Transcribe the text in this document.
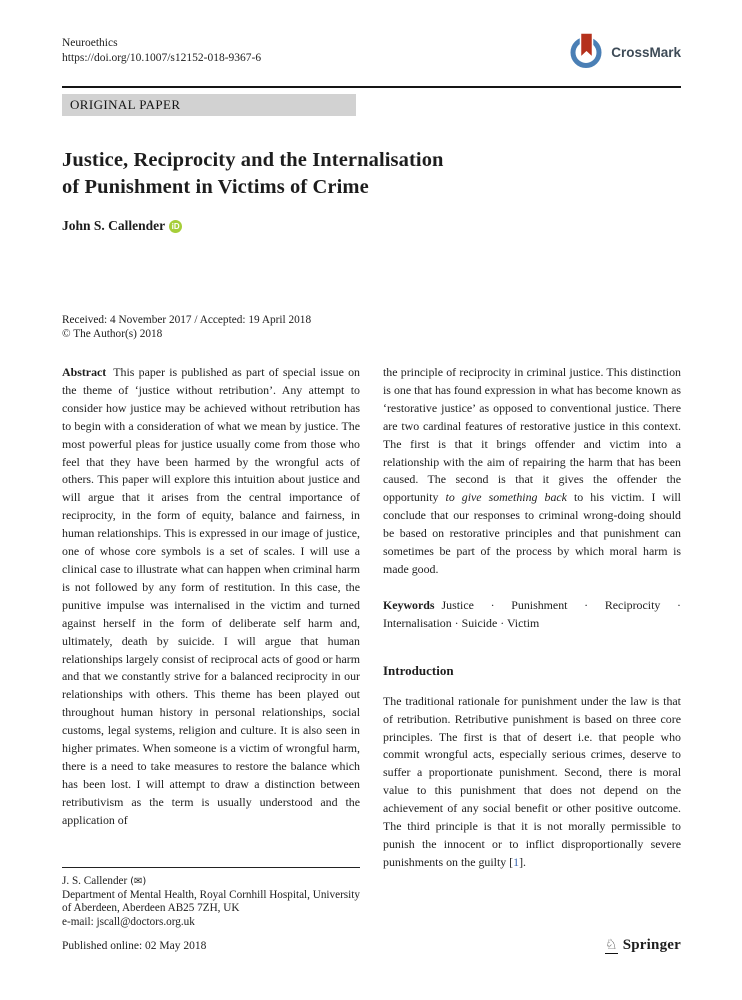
Neuroethics
https://doi.org/10.1007/s12152-018-9367-6	CrossMark
ORIGINAL PAPER
Justice, Reciprocity and the Internalisation
of Punishment in Victims of Crime
John S. Callender iD
Received: 4 November 2017 / Accepted: 19 April 2018
© The Author(s) 2018

Abstract This paper is published as part of special issue on the theme of ‘justice without retribution’. Any attempt to consider how justice may be achieved without retribution has to begin with a consideration of what we mean by justice. The most powerful pleas for justice usually come from those who feel that they have been harmed by the wrongful acts of others. This paper will explore this intuition about justice and will argue that it arises from the central importance of reciprocity, in the form of equity, balance and fairness, in human relationships. This is expressed in our image of justice, one of whose core symbols is a set of scales. I will use a clinical case to illustrate what can happen when criminal harm is not followed by any form of restitution. In this case, the punitive impulse was internalised in the victim and turned against herself in the form of deliberate self harm and, ultimately, death by suicide. I will argue that human relationships largely consist of reciprocal acts of good or harm and that we constantly strive for a balanced reciprocity in our relationships with others. This theme has been played out throughout human history in personal relationships, social customs, legal systems, religion and culture. It is also seen in higher primates. When someone is a victim of wrongful harm, there is a need to take measures to restore the balance which has been lost. I will attempt to draw a distinction between retributivism as the term is usually understood and the application of

J. S. Callender (✉)
Department of Mental Health, Royal Cornhill Hospital, University of Aberdeen, Aberdeen AB25 7ZH, UK
e-mail: jscall@doctors.org.uk

the principle of reciprocity in criminal justice. This distinction is one that has found expression in what has become known as ‘restorative justice’ as opposed to conventional justice. There are two cardinal features of restorative justice in this context. The first is that it brings offender and victim into a relationship with the aim of repairing the harm that has been caused. The second is that it gives the offender the opportunity to give something back to his victim. I will conclude that our responses to criminal wrong-doing should be based on restorative principles and that punishment can sometimes be part of the process by which moral harm is made good.

Keywords Justice · Punishment · Reciprocity · Internalisation · Suicide · Victim

Introduction

The traditional rationale for punishment under the law is that of retribution. Retributive punishment is based on three core principles. The first is that of desert i.e. that people who commit wrongful acts, especially serious crimes, deserve to suffer a proportionate punishment. Second, there is moral value to this punishment that does not depend on the achievement of any social benefit or other positive outcome. The third principle is that it is not morally permissible to punish the innocent or to inflict disproportionally severe punishments on the guilty [1].

Published online: 02 May 2018	♘ Springer
